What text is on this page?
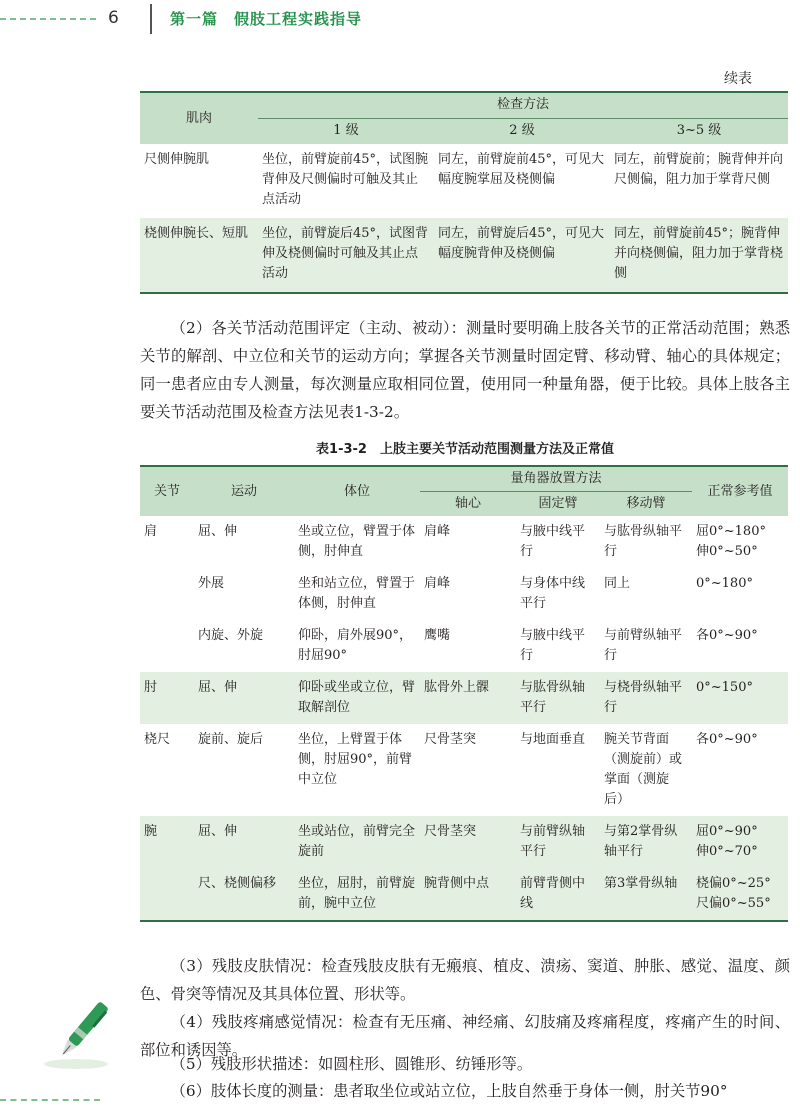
6	第一篇　假肢工程实践指导
续表
肌肉	检查方法		
	1 级	2 级	3~5 级
尺侧伸腕肌	坐位，前臂旋前45°，试图腕背伸及尺侧偏时可触及其止点活动	同左，前臂旋前45°，可见大幅度腕掌屈及桡侧偏	同左，前臂旋前；腕背伸并向尺侧偏，阻力加于掌背尺侧
桡侧伸腕长、短肌	坐位，前臂旋后45°，试图背伸及桡侧偏时可触及其止点活动	同左，前臂旋后45°，可见大幅度腕背伸及桡侧偏	同左，前臂旋前45°；腕背伸并向桡侧偏，阻力加于掌背桡侧
（2）各关节活动范围评定（主动、被动）：测量时要明确上肢各关节的正常活动范围；熟悉关节的解剖、中立位和关节的运动方向；掌握各关节测量时固定臂、移动臂、轴心的具体规定；同一患者应由专人测量，每次测量应取相同位置，使用同一种量角器，便于比较。具体上肢各主要关节活动范围及检查方法见表1-3-2。
表1-3-2　上肢主要关节活动范围测量方法及正常值
关节	运动	体位	量角器放置方法			正常参考值
			轴心	固定臂	移动臂	
肩	屈、伸	坐或立位，臂置于体侧，肘伸直	肩峰	与腋中线平行	与肱骨纵轴平行	屈0°~180°
伸0°~50°

	外展	坐和站立位，臂置于体侧，肘伸直	肩峰	与身体中线平行	同上	0°~180°

	内旋、外旋	仰卧，肩外展90°，肘屈90°	鹰嘴	与腋中线平行	与前臂纵轴平行	各0°~90°

肘	屈、伸	仰卧或坐或立位，臂取解剖位	肱骨外上髁	与肱骨纵轴平行	与桡骨纵轴平行	0°~150°

桡尺	旋前、旋后	坐位，上臂置于体侧，肘屈90°，前臂中立位	尺骨茎突	与地面垂直	腕关节背面（测旋前）或掌面（测旋后）	各0°~90°

腕	屈、伸	坐或站位，前臂完全旋前	尺骨茎突	与前臂纵轴平行	与第2掌骨纵轴平行	屈0°~90°
伸0°~70°

	尺、桡侧偏移	坐位，屈肘，前臂旋前，腕中立位	腕背侧中点	前臂背侧中线	第3掌骨纵轴	桡偏0°~25°
尺偏0°~55°
（3）残肢皮肤情况：检查残肢皮肤有无瘢痕、植皮、溃疡、窦道、肿胀、感觉、温度、颜色、骨突等情况及其具体位置、形状等。
（4）残肢疼痛感觉情况：检查有无压痛、神经痛、幻肢痛及疼痛程度，疼痛产生的时间、部位和诱因等。
（5）残肢形状描述：如圆柱形、圆锥形、纺锤形等。
（6）肢体长度的测量：患者取坐位或站立位，上肢自然垂于身体一侧，肘关节90°
